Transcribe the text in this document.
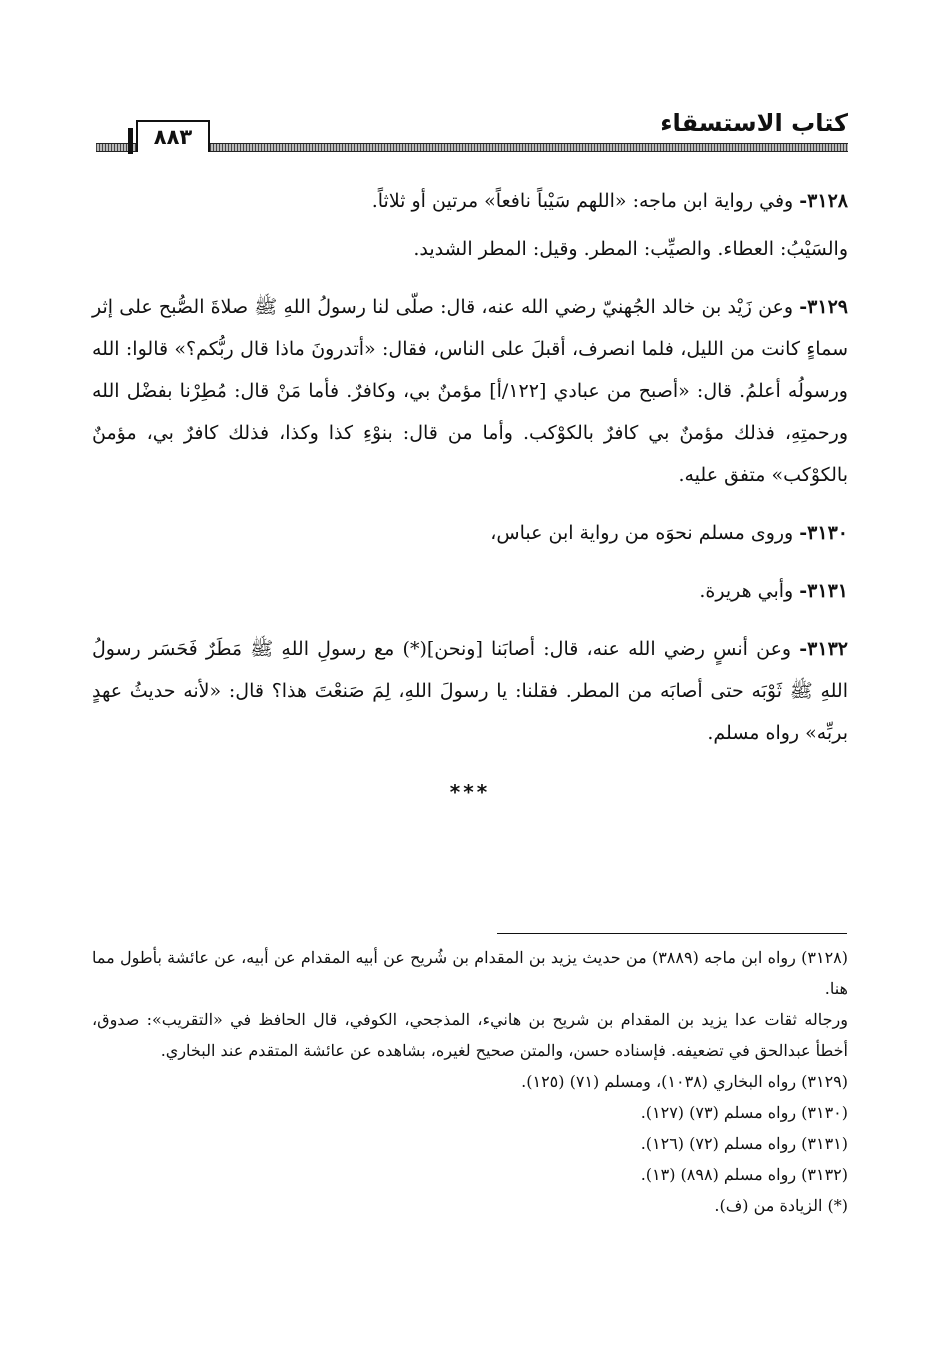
كتاب الاستسقاء
٨٨٣

٣١٢٨- وفي رواية ابن ماجه: «اللهم سَيْباً نافعاً» مرتين أو ثلاثاً.

والسَيْبُ: العطاء. والصيِّب: المطر. وقيل: المطر الشديد.

٣١٢٩- وعن زَيْد بن خالد الجُهنيّ رضي الله عنه، قال: صلّى لنا رسولُ اللهِ ﷺ صلاةَ الصُّبح على إثر سماءٍ كانت من الليل، فلما انصرف، أقبلَ على الناس، فقال: «أتدرونَ ماذا قال ربُّكم؟» قالوا: الله ورسولُه أعلمُ. قال: «أصبح من عبادي [١٢٢/أ] مؤمنٌ بي، وكافرٌ. فأما مَنْ قال: مُطِرْنا بفضْل الله ورحمتِهِ، فذلك مؤمنٌ بي كافرٌ بالكوْكب. وأما من قال: بنوْءِ كذا وكذا، فذلك كافرٌ بي، مؤمنٌ بالكوْكب» متفق عليه.

٣١٣٠- وروى مسلم نحوَه من رواية ابن عباس،

٣١٣١- وأبي هريرة.

٣١٣٢- وعن أنسٍ رضي الله عنه، قال: أصابَنا [ونحن](*) مع رسولِ اللهِ ﷺ مَطَرٌ فَحَسَر رسولُ اللهِ ﷺ ثَوْبَه حتى أصابَه من المطر. فقلنا: يا رسولَ اللهِ، لِمَ صَنعْتَ هذا؟ قال: «لأنه حديثُ عهدٍ بربِّه» رواه مسلم.

***

(٣١٢٨) رواه ابن ماجه (٣٨٨٩) من حديث يزيد بن المقدام بن شُريح عن أبيه المقدام عن أبيه، عن عائشة بأطول مما هنا.

ورجاله ثقات عدا يزيد بن المقدام بن شريح بن هانيء، المذجحي، الكوفي، قال الحافظ في «التقريب»: صدوق، أخطأ عبدالحق في تضعيفه. فإسناده حسن، والمتن صحيح لغيره، بشاهده عن عائشة المتقدم عند البخاري.

(٣١٢٩) رواه البخاري (١٠٣٨)، ومسلم (٧١) (١٢٥).

(٣١٣٠) رواه مسلم (٧٣) (١٢٧).

(٣١٣١) رواه مسلم (٧٢) (١٢٦).

(٣١٣٢) رواه مسلم (٨٩٨) (١٣).

(*) الزيادة من (ف).
